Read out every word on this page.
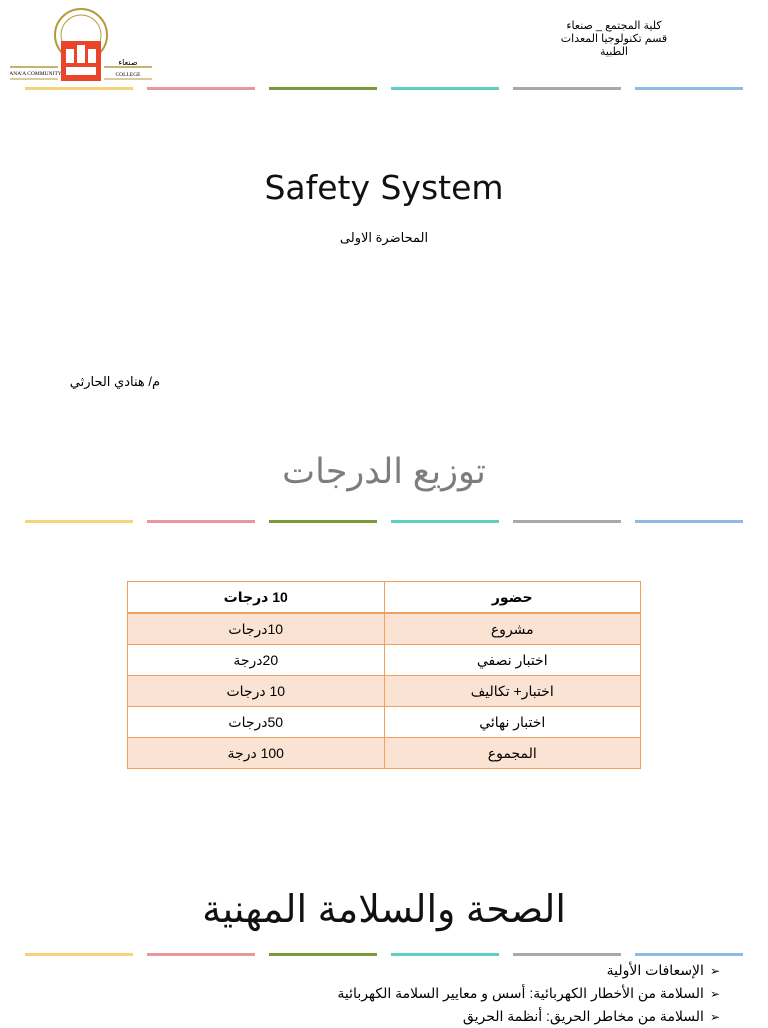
صنعاء
SANA'A COMMUNITY	COLLEGE
كلية المجتمع _ صنعاء
قسم تكنولوجيا المعدات
الطبية
Safety System
المحاضرة الاولى
م/ هنادي الحارثي
توزيع الدرجات
حضور	10 درجات
مشروع	10درجات
اختبار نصفي	20درجة
اختبار+ تكاليف	10 درجات
اختبار نهائي	50درجات
المجموع	100 درجة
الصحة والسلامة المهنية
➢
الإسعافات الأولية
➢
السلامة من الأخطار الكهربائية: أسس و معايير السلامة الكهربائية
➢
السلامة من مخاطر الحريق: أنظمة الحريق
